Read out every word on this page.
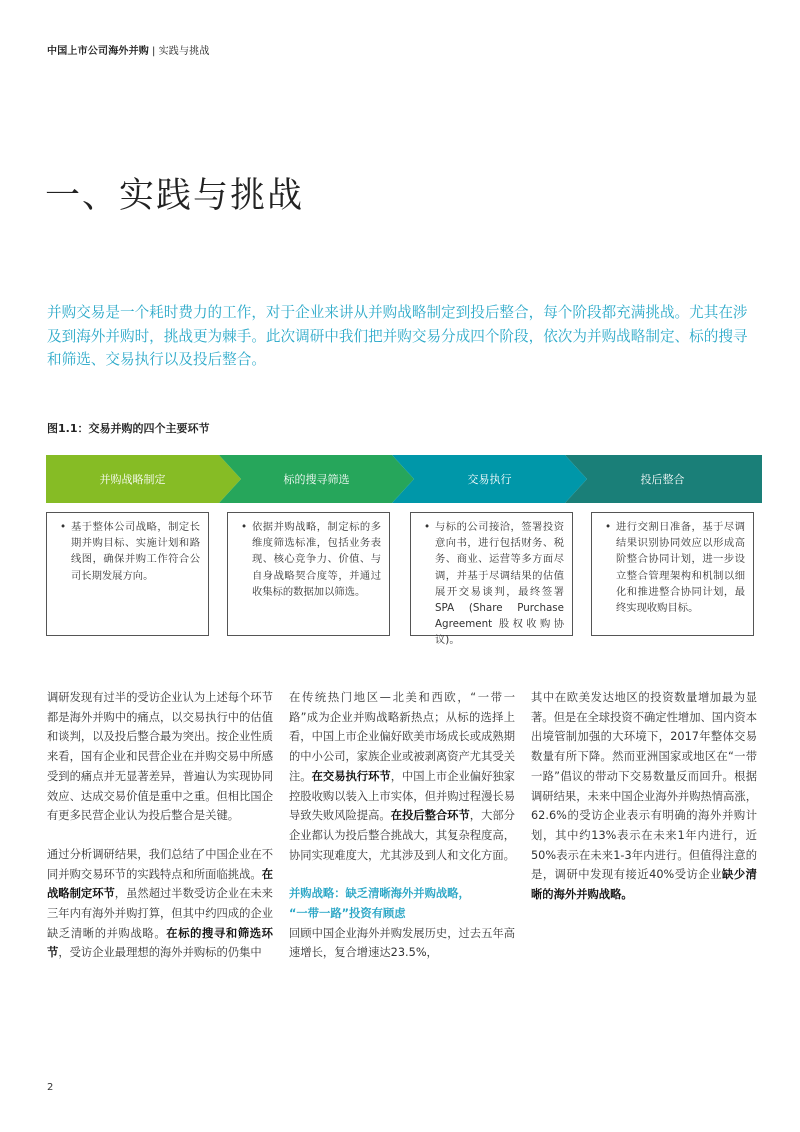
中国上市公司海外并购 | 实践与挑战
一、实践与挑战

并购交易是一个耗时费力的工作，对于企业来讲从并购战略制定到投后整合，每个阶段都充满挑战。尤其在涉及到海外并购时，挑战更为棘手。此次调研中我们把并购交易分成四个阶段，依次为并购战略制定、标的搜寻和筛选、交易执行以及投后整合。

图1.1：交易并购的四个主要环节
并购战略制定	标的搜寻筛选	交易执行	投后整合
• 基于整体公司战略，制定长期并购目标、实施计划和路线图，确保并购工作符合公司长期发展方向。
• 依据并购战略，制定标的多维度筛选标准，包括业务表现、核心竞争力、价值、与自身战略契合度等，并通过收集标的数据加以筛选。
• 与标的公司接洽，签署投资意向书，进行包括财务、税务、商业、运营等多方面尽调，并基于尽调结果的估值展开交易谈判，最终签署SPA (Share Purchase Agreement 股权收购协议)。
• 进行交割日准备，基于尽调结果识别协同效应以形成高阶整合协同计划，进一步设立整合管理架构和机制以细化和推进整合协同计划，最终实现收购目标。

调研发现有过半的受访企业认为上述每个环节都是海外并购中的痛点，以交易执行中的估值和谈判，以及投后整合最为突出。按企业性质来看，国有企业和民营企业在并购交易中所感受到的痛点并无显著差异，普遍认为实现协同效应、达成交易价值是重中之重。但相比国企有更多民营企业认为投后整合是关键。

通过分析调研结果，我们总结了中国企业在不同并购交易环节的实践特点和所面临挑战。在战略制定环节，虽然超过半数受访企业在未来三年内有海外并购打算，但其中约四成的企业缺乏清晰的并购战略。在标的搜寻和筛选环节，受访企业最理想的海外并购标的仍集中

在传统热门地区—北美和西欧，“一带一路”成为企业并购战略新热点；从标的选择上看，中国上市企业偏好欧美市场成长或成熟期的中小公司，家族企业或被剥离资产尤其受关注。在交易执行环节，中国上市企业偏好独家控股收购以装入上市实体，但并购过程漫长易导致失败风险提高。在投后整合环节，大部分企业都认为投后整合挑战大，其复杂程度高，协同实现难度大，尤其涉及到人和文化方面。

并购战略：缺乏清晰海外并购战略，
“一带一路”投资有顾虑

回顾中国企业海外并购发展历史，过去五年高速增长，复合增速达23.5%，

其中在欧美发达地区的投资数量增加最为显著。但是在全球投资不确定性增加、国内资本出境管制加强的大环境下，2017年整体交易数量有所下降。然而亚洲国家或地区在“一带一路”倡议的带动下交易数量反而回升。根据调研结果，未来中国企业海外并购热情高涨，62.6%的受访企业表示有明确的海外并购计划，其中约13%表示在未来1年内进行，近50%表示在未来1-3年内进行。但值得注意的是，调研中发现有接近40%受访企业缺少清晰的海外并购战略。

2
